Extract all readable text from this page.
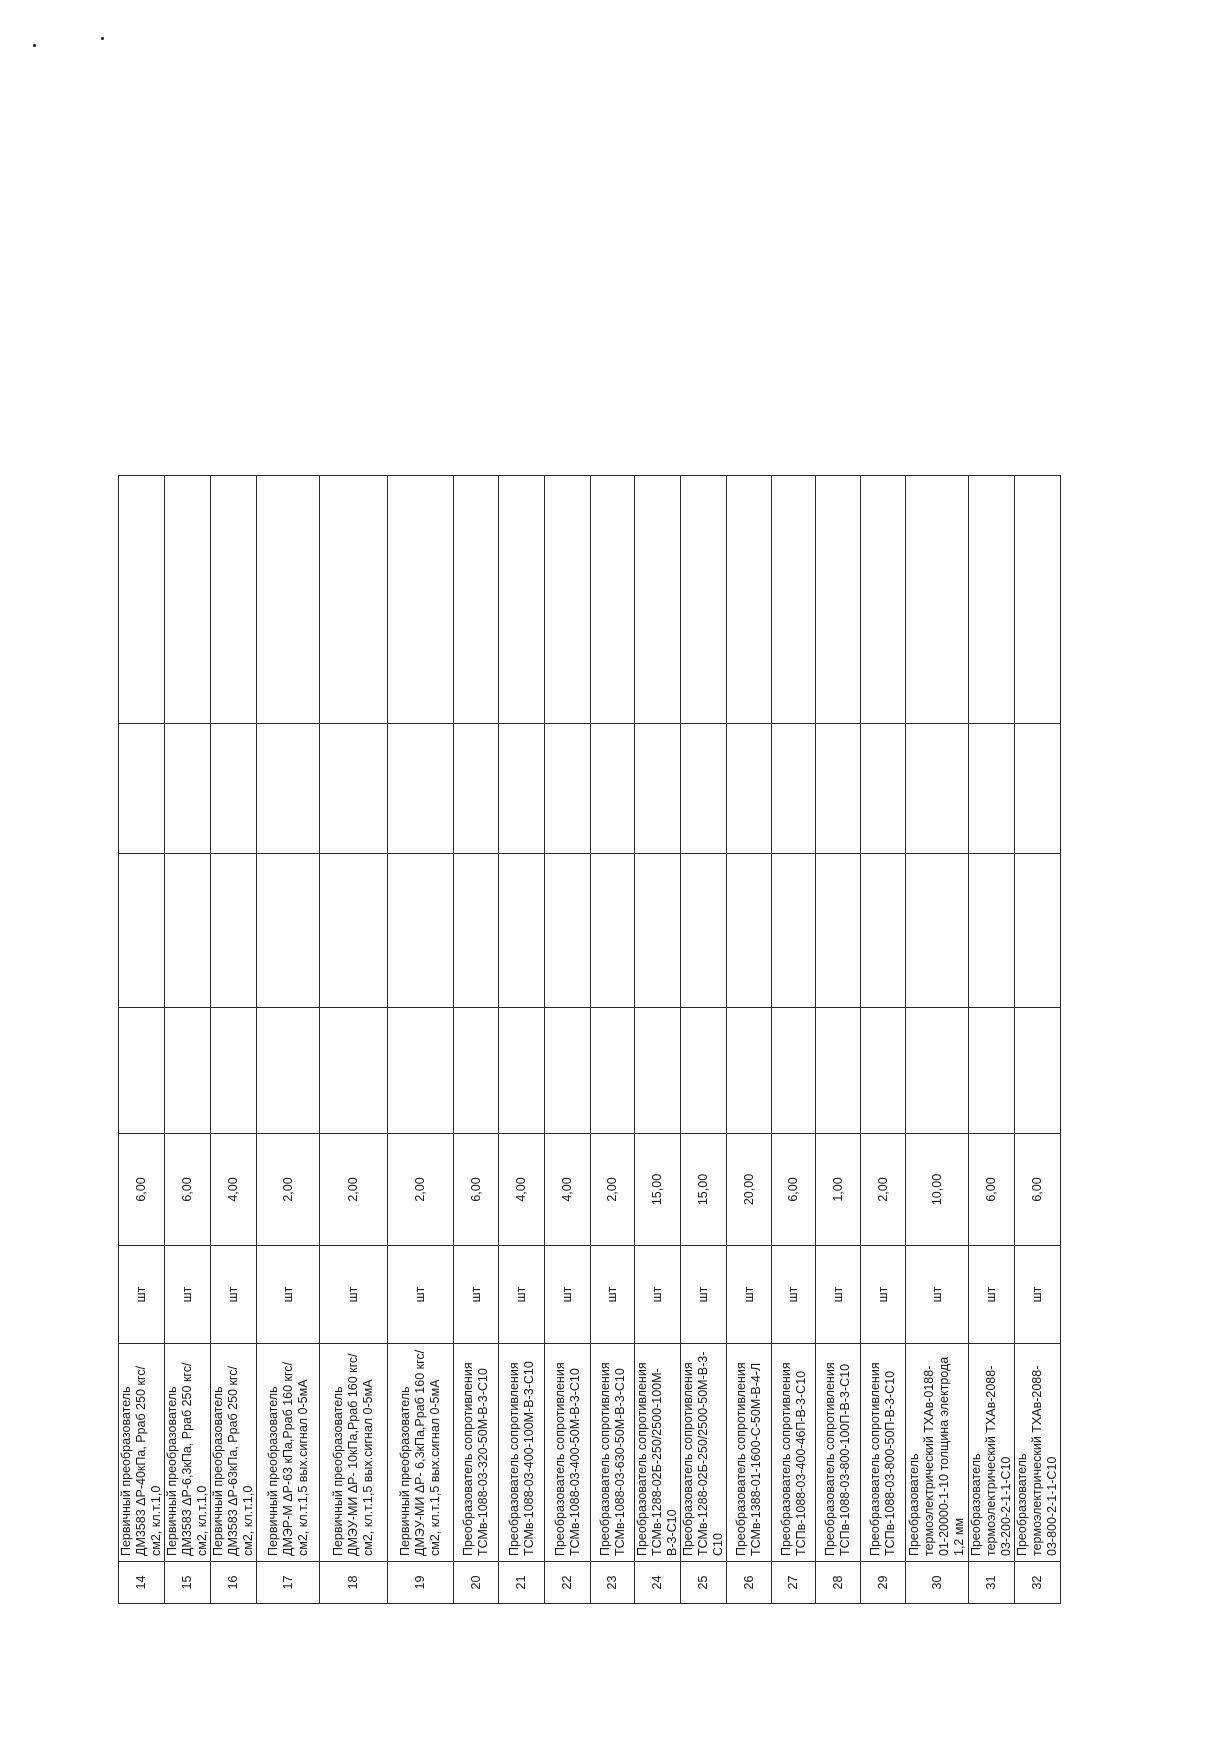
14	Первичный преобразователь ДМ3583 ΔР-40кПа, Рраб 250 кгс/см2, кл.т.1,0	шт	6,00				
15	Первичный преобразователь ДМ3583 ΔР-6,3кПа, Рраб 250 кгс/см2, кл.т.1,0	шт	6,00				
16	Первичный преобразователь ДМ3583 ΔР-63кПа, Рраб 250 кгс/см2, кл.т.1,0	шт	4,00				
17	Первичный преобразователь ДМЭР-М ΔР-63 кПа,Рраб 160 кгс/см2, кл.т.1,5 вых.сигнал 0-5мА	шт	2,00				
18	Первичный преобразователь ДМЭУ-МИ ΔР- 10кПа,Рраб 160 кгс/см2, кл.т.1,5 вых.сигнал 0-5мА	шт	2,00				
19	Первичный преобразователь ДМЭУ-МИ ΔР- 6,3кПа,Рраб 160 кгс/см2, кл.т.1,5 вых.сигнал 0-5мА	шт	2,00				
20	Преобразователь сопротивления ТСМв-1088-03-320-50М-В-3-С10	шт	6,00				
21	Преобразователь сопротивления ТСМв-1088-03-400-100М-В-3-С10	шт	4,00				
22	Преобразователь сопротивления ТСМв-1088-03-400-50М-В-3-С10	шт	4,00				
23	Преобразователь сопротивления ТСМв-1088-03-630-50М-В-3-С10	шт	2,00				
24	Преобразователь сопротивления ТСМв-1288-02Б-250/2500-100М-В-3-С10	шт	15,00				
25	Преобразователь сопротивления ТСМв-1288-02Б-250/2500-50М-В-3-С10	шт	15,00				
26	Преобразователь сопротивления ТСМв-1388-01-1600-С-50М-В-4-Л	шт	20,00				
27	Преобразователь сопротивления ТСПв-1088-03-400-46П-В-3-С10	шт	6,00				
28	Преобразователь сопротивления ТСПв-1088-03-800-100П-В-3-С10	шт	1,00				
29	Преобразователь сопротивления ТСПв-1088-03-800-50П-В-3-С10	шт	2,00				
30	Преобразователь термоэлектрический ТХАв-0188-01-20000-1-10 толщина электрода 1,2 мм	шт	10,00				
31	Преобразователь термоэлектрический ТХАв-2088-03-200-2-1-1-С10	шт	6,00				
32	Преобразователь термоэлектрический ТХАв-2088-03-800-2-1-1-С10	шт	6,00				
